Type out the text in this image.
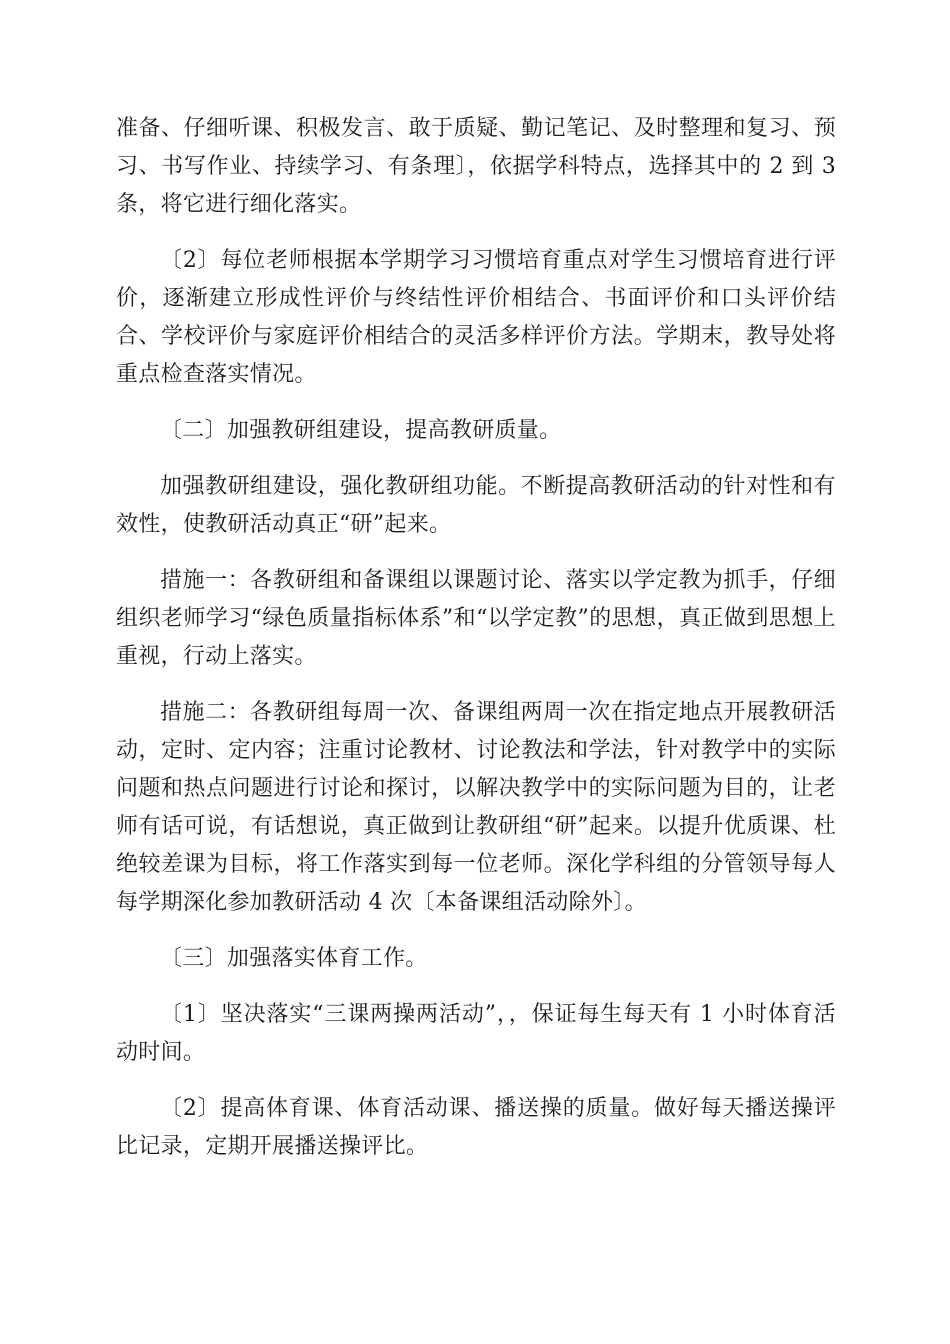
准备、仔细听课、积极发言、敢于质疑、勤记笔记、及时整理和复习、预习、书写作业、持续学习、有条理〕，依据学科特点，选择其中的 2 到 3 条，将它进行细化落实。

〔2〕每位老师根据本学期学习习惯培育重点对学生习惯培育进行评价，逐渐建立形成性评价与终结性评价相结合、书面评价和口头评价结合、学校评价与家庭评价相结合的灵活多样评价方法。学期末，教导处将重点检查落实情况。

〔二〕加强教研组建设，提高教研质量。

加强教研组建设，强化教研组功能。不断提高教研活动的针对性和有效性，使教研活动真正“研”起来。

措施一：各教研组和备课组以课题讨论、落实以学定教为抓手，仔细组织老师学习“绿色质量指标体系”和“以学定教”的思想，真正做到思想上重视，行动上落实。

措施二：各教研组每周一次、备课组两周一次在指定地点开展教研活动，定时、定内容；注重讨论教材、讨论教法和学法，针对教学中的实际问题和热点问题进行讨论和探讨，以解决教学中的实际问题为目的，让老师有话可说，有话想说，真正做到让教研组“研”起来。以提升优质课、杜绝较差课为目标，将工作落实到每一位老师。深化学科组的分管领导每人每学期深化参加教研活动 4 次〔本备课组活动除外〕。

〔三〕加强落实体育工作。

〔1〕坚决落实“三课两操两活动”，，保证每生每天有 1 小时体育活动时间。

〔2〕提高体育课、体育活动课、播送操的质量。做好每天播送操评比记录，定期开展播送操评比。
